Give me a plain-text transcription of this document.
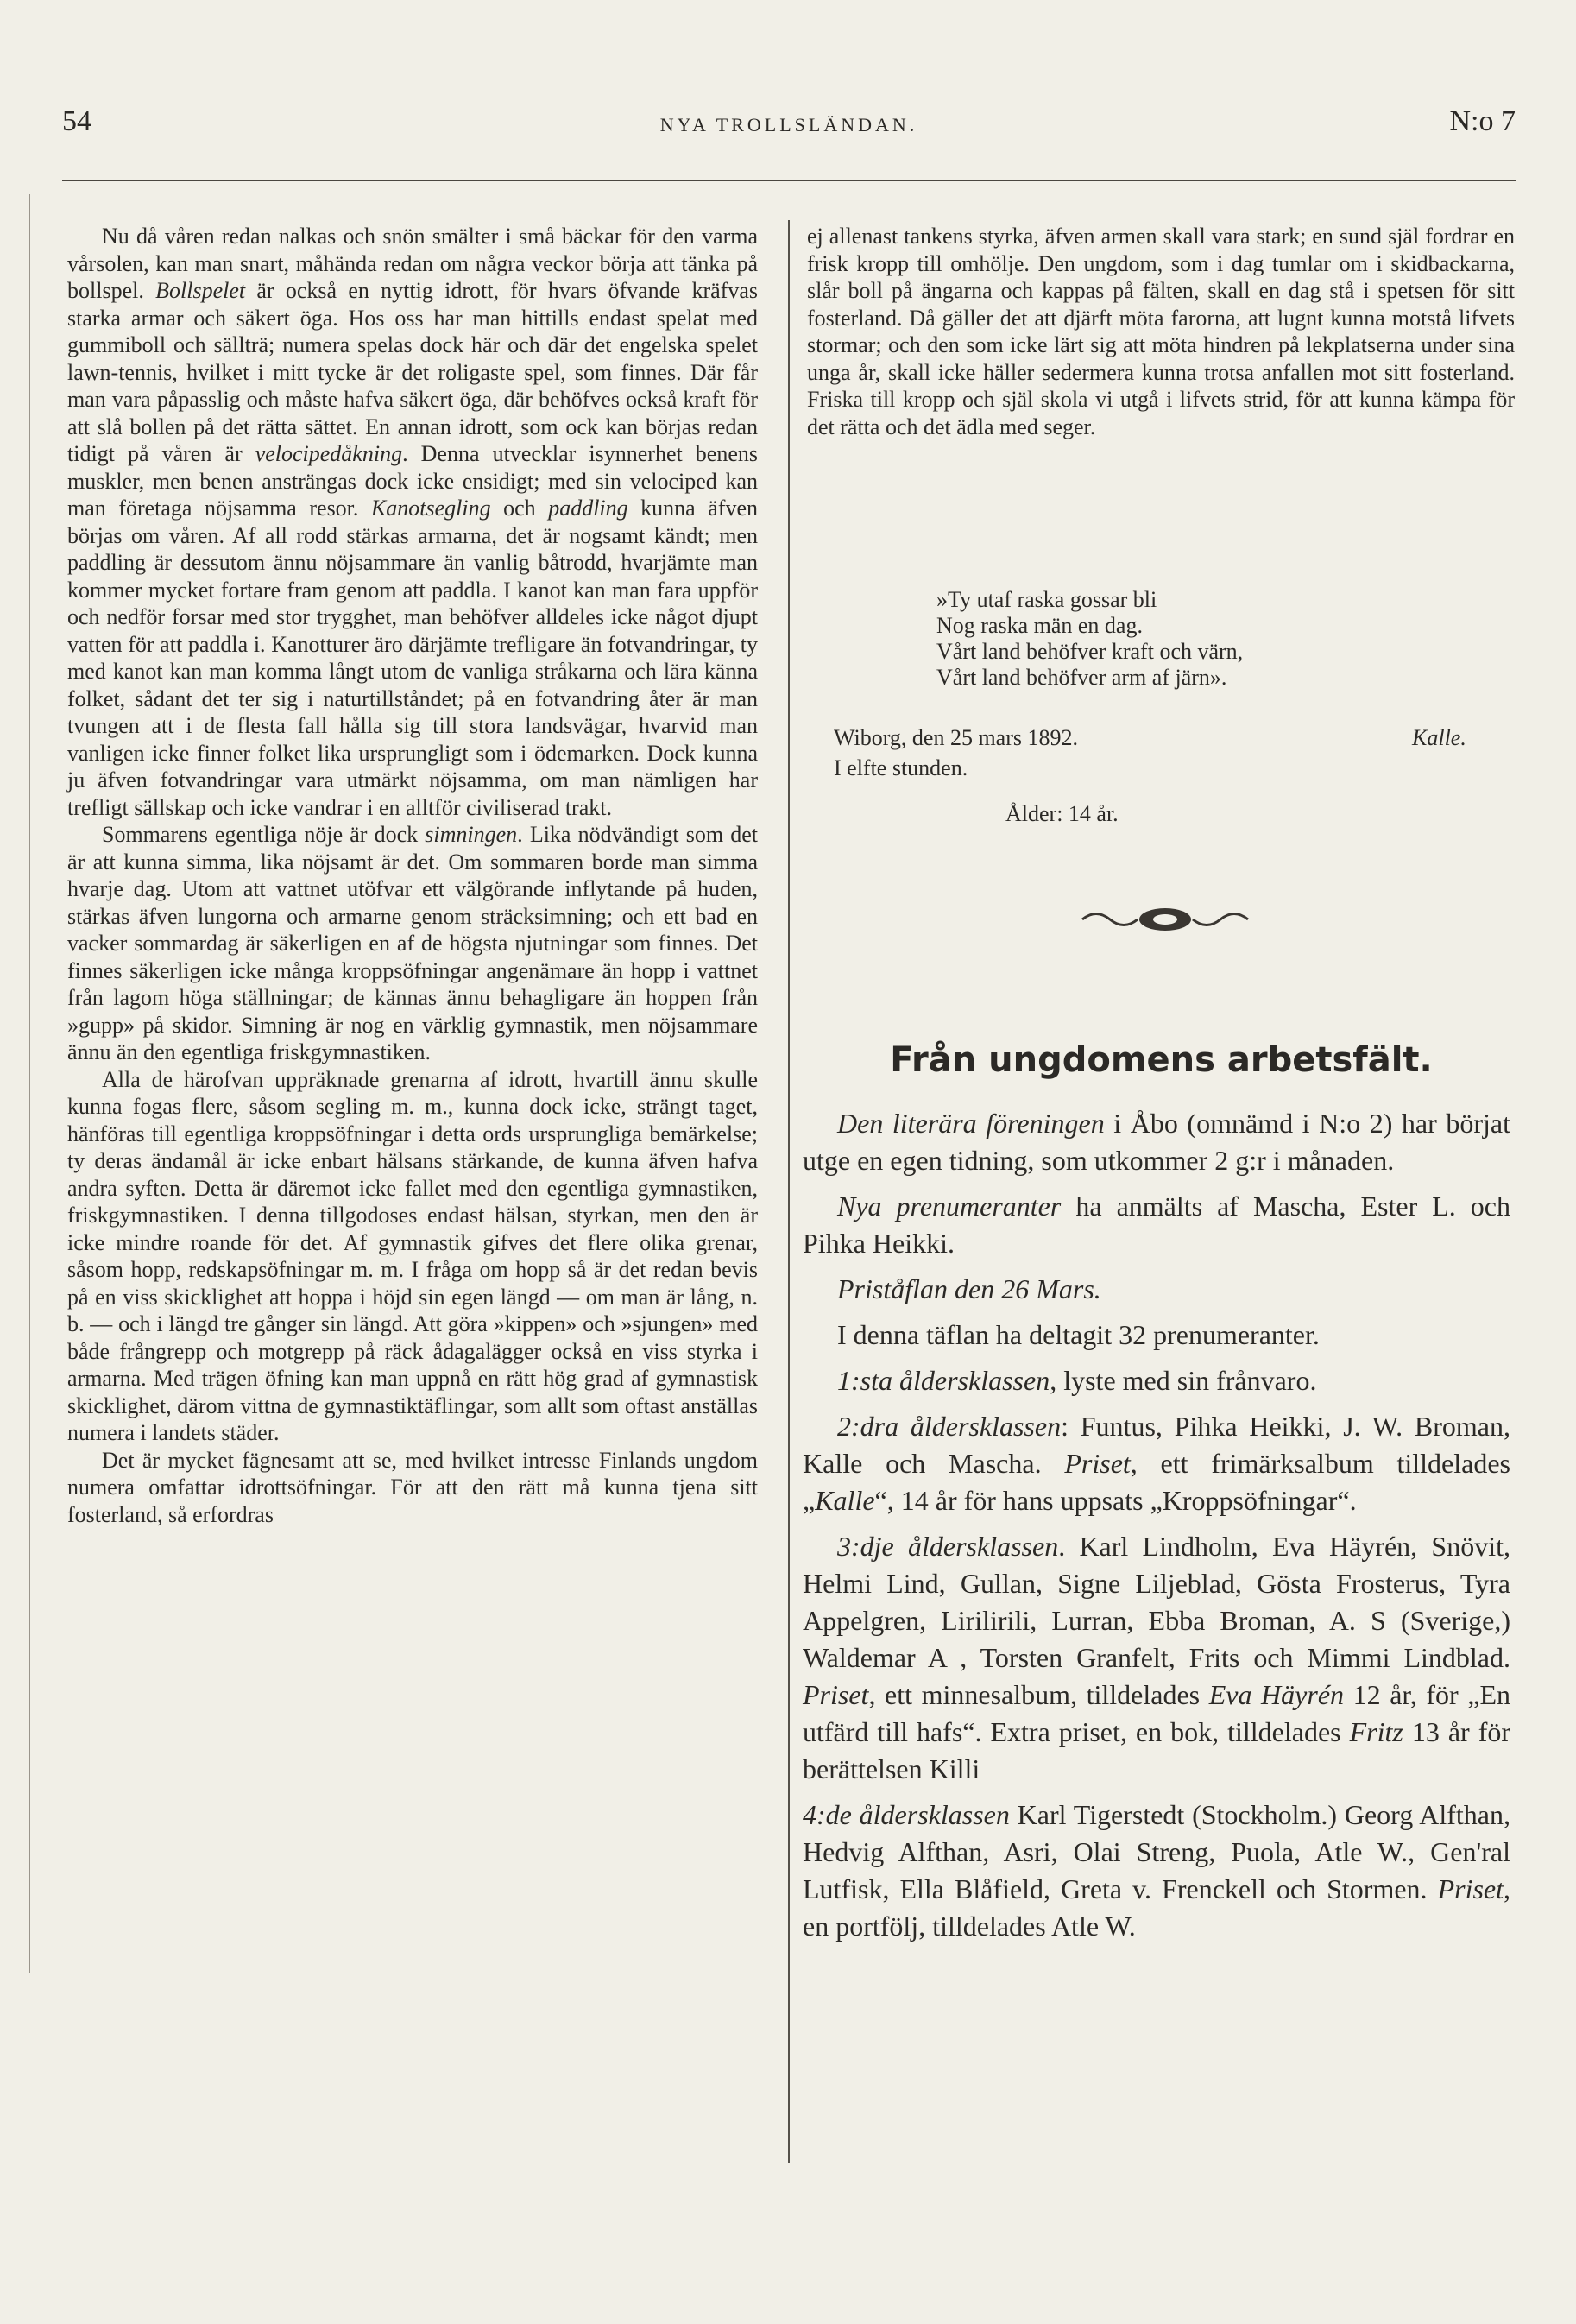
54	NYA TROLLSLÄNDAN.	N:o 7

Nu då våren redan nalkas och snön smälter i små bäckar för den varma vårsolen, kan man snart, måhända redan om några veckor börja att tänka på bollspel. Bollspelet är också en nyttig idrott, för hvars öfvande kräfvas starka armar och säkert öga. Hos oss har man hittills endast spelat med gummiboll och sällträ; numera spelas dock här och där det engelska spelet lawn-tennis, hvilket i mitt tycke är det roligaste spel, som finnes. Där får man vara påpasslig och måste hafva säkert öga, där behöfves också kraft för att slå bollen på det rätta sättet. En annan idrott, som ock kan börjas redan tidigt på våren är velocipedåkning. Denna utvecklar isynnerhet benens muskler, men benen ansträngas dock icke ensidigt; med sin velociped kan man företaga nöjsamma resor. Kanotsegling och paddling kunna äfven börjas om våren. Af all rodd stärkas armarna, det är nogsamt kändt; men paddling är dessutom ännu nöjsammare än vanlig båtrodd, hvarjämte man kommer mycket fortare fram genom att paddla. I kanot kan man fara uppför och nedför forsar med stor trygghet, man behöfver alldeles icke något djupt vatten för att paddla i. Kanotturer äro därjämte trefligare än fotvandringar, ty med kanot kan man komma långt utom de vanliga stråkarna och lära känna folket, sådant det ter sig i naturtillståndet; på en fotvandring åter är man tvungen att i de flesta fall hålla sig till stora landsvägar, hvarvid man vanligen icke finner folket lika ursprungligt som i ödemarken. Dock kunna ju äfven fotvandringar vara utmärkt nöjsamma, om man nämligen har trefligt sällskap och icke vandrar i en alltför civiliserad trakt.

Sommarens egentliga nöje är dock simningen. Lika nödvändigt som det är att kunna simma, lika nöjsamt är det. Om sommaren borde man simma hvarje dag. Utom att vattnet utöfvar ett välgörande inflytande på huden, stärkas äfven lungorna och armarne genom sträcksimning; och ett bad en vacker sommardag är säkerligen en af de högsta njutningar som finnes. Det finnes säkerligen icke många kroppsöfningar angenämare än hopp i vattnet från lagom höga ställningar; de kännas ännu behagligare än hoppen från »gupp» på skidor. Simning är nog en värklig gymnastik, men nöjsammare ännu än den egentliga friskgymnastiken.

Alla de härofvan uppräknade grenarna af idrott, hvartill ännu skulle kunna fogas flere, såsom segling m. m., kunna dock icke, strängt taget, hänföras till egentliga kroppsöfningar i detta ords ursprungliga bemärkelse; ty deras ändamål är icke enbart hälsans stärkande, de kunna äfven hafva andra syften. Detta är däremot icke fallet med den egentliga gymnastiken, friskgymnastiken. I denna tillgodoses endast hälsan, styrkan, men den är icke mindre roande för det. Af gymnastik gifves det flere olika grenar, såsom hopp, redskapsöfningar m. m. I fråga om hopp så är det redan bevis på en viss skicklighet att hoppa i höjd sin egen längd — om man är lång, n. b. — och i längd tre gånger sin längd. Att göra »kippen» och »sjungen» med både frångrepp och motgrepp på räck ådagalägger också en viss styrka i armarna. Med trägen öfning kan man uppnå en rätt hög grad af gymnastisk skicklighet, därom vittna de gymnastiktäflingar, som allt som oftast anställas numera i landets städer.

Det är mycket fägnesamt att se, med hvilket intresse Finlands ungdom numera omfattar idrottsöfningar. För att den rätt må kunna tjena sitt fosterland, så erfordras

ej allenast tankens styrka, äfven armen skall vara stark; en sund själ fordrar en frisk kropp till omhölje. Den ungdom, som i dag tumlar om i skidbackarna, slår boll på ängarna och kappas på fälten, skall en dag stå i spetsen för sitt fosterland. Då gäller det att djärft möta farorna, att lugnt kunna motstå lifvets stormar; och den som icke lärt sig att möta hindren på lekplatserna under sina unga år, skall icke häller sedermera kunna trotsa anfallen mot sitt fosterland. Friska till kropp och själ skola vi utgå i lifvets strid, för att kunna kämpa för det rätta och det ädla med seger.

»Ty utaf raska gossar bli
Nog raska män en dag.
Vårt land behöfver kraft och värn,
Vårt land behöfver arm af järn».
Wiborg, den 25 mars 1892.	Kalle.
I elfte stunden.
Ålder: 14 år.
Från ungdomens arbetsfält.

Den literära föreningen i Åbo (omnämd i N:o 2) har börjat utge en egen tidning, som utkommer 2 g:r i månaden.

Nya prenumeranter ha anmälts af Mascha, Ester L. och Pihka Heikki.

Priståflan den 26 Mars.

I denna täflan ha deltagit 32 prenumeranter.

1:sta åldersklassen, lyste med sin frånvaro.

2:dra åldersklassen: Funtus, Pihka Heikki, J. W. Broman, Kalle och Mascha. Priset, ett frimärksalbum tilldelades „Kalle“, 14 år för hans uppsats „Kroppsöfningar“.

3:dje åldersklassen. Karl Lindholm, Eva Häyrén, Snövit, Helmi Lind, Gullan, Signe Liljeblad, Gösta Frosterus, Tyra Appelgren, Lirilirili, Lurran, Ebba Broman, A. S (Sverige,) Waldemar A , Torsten Granfelt, Frits och Mimmi Lindblad. Priset, ett minnesalbum, tilldelades Eva Häyrén 12 år, för „En utfärd till hafs“. Extra priset, en bok, tilldelades Fritz 13 år för berättelsen Killi

4:de åldersklassen Karl Tigerstedt (Stockholm.) Georg Alfthan, Hedvig Alfthan, Asri, Olai Streng, Puola, Atle W., Gen'ral Lutfisk, Ella Blåfield, Greta v. Frenckell och Stormen. Priset, en portfölj, tilldelades Atle W.
